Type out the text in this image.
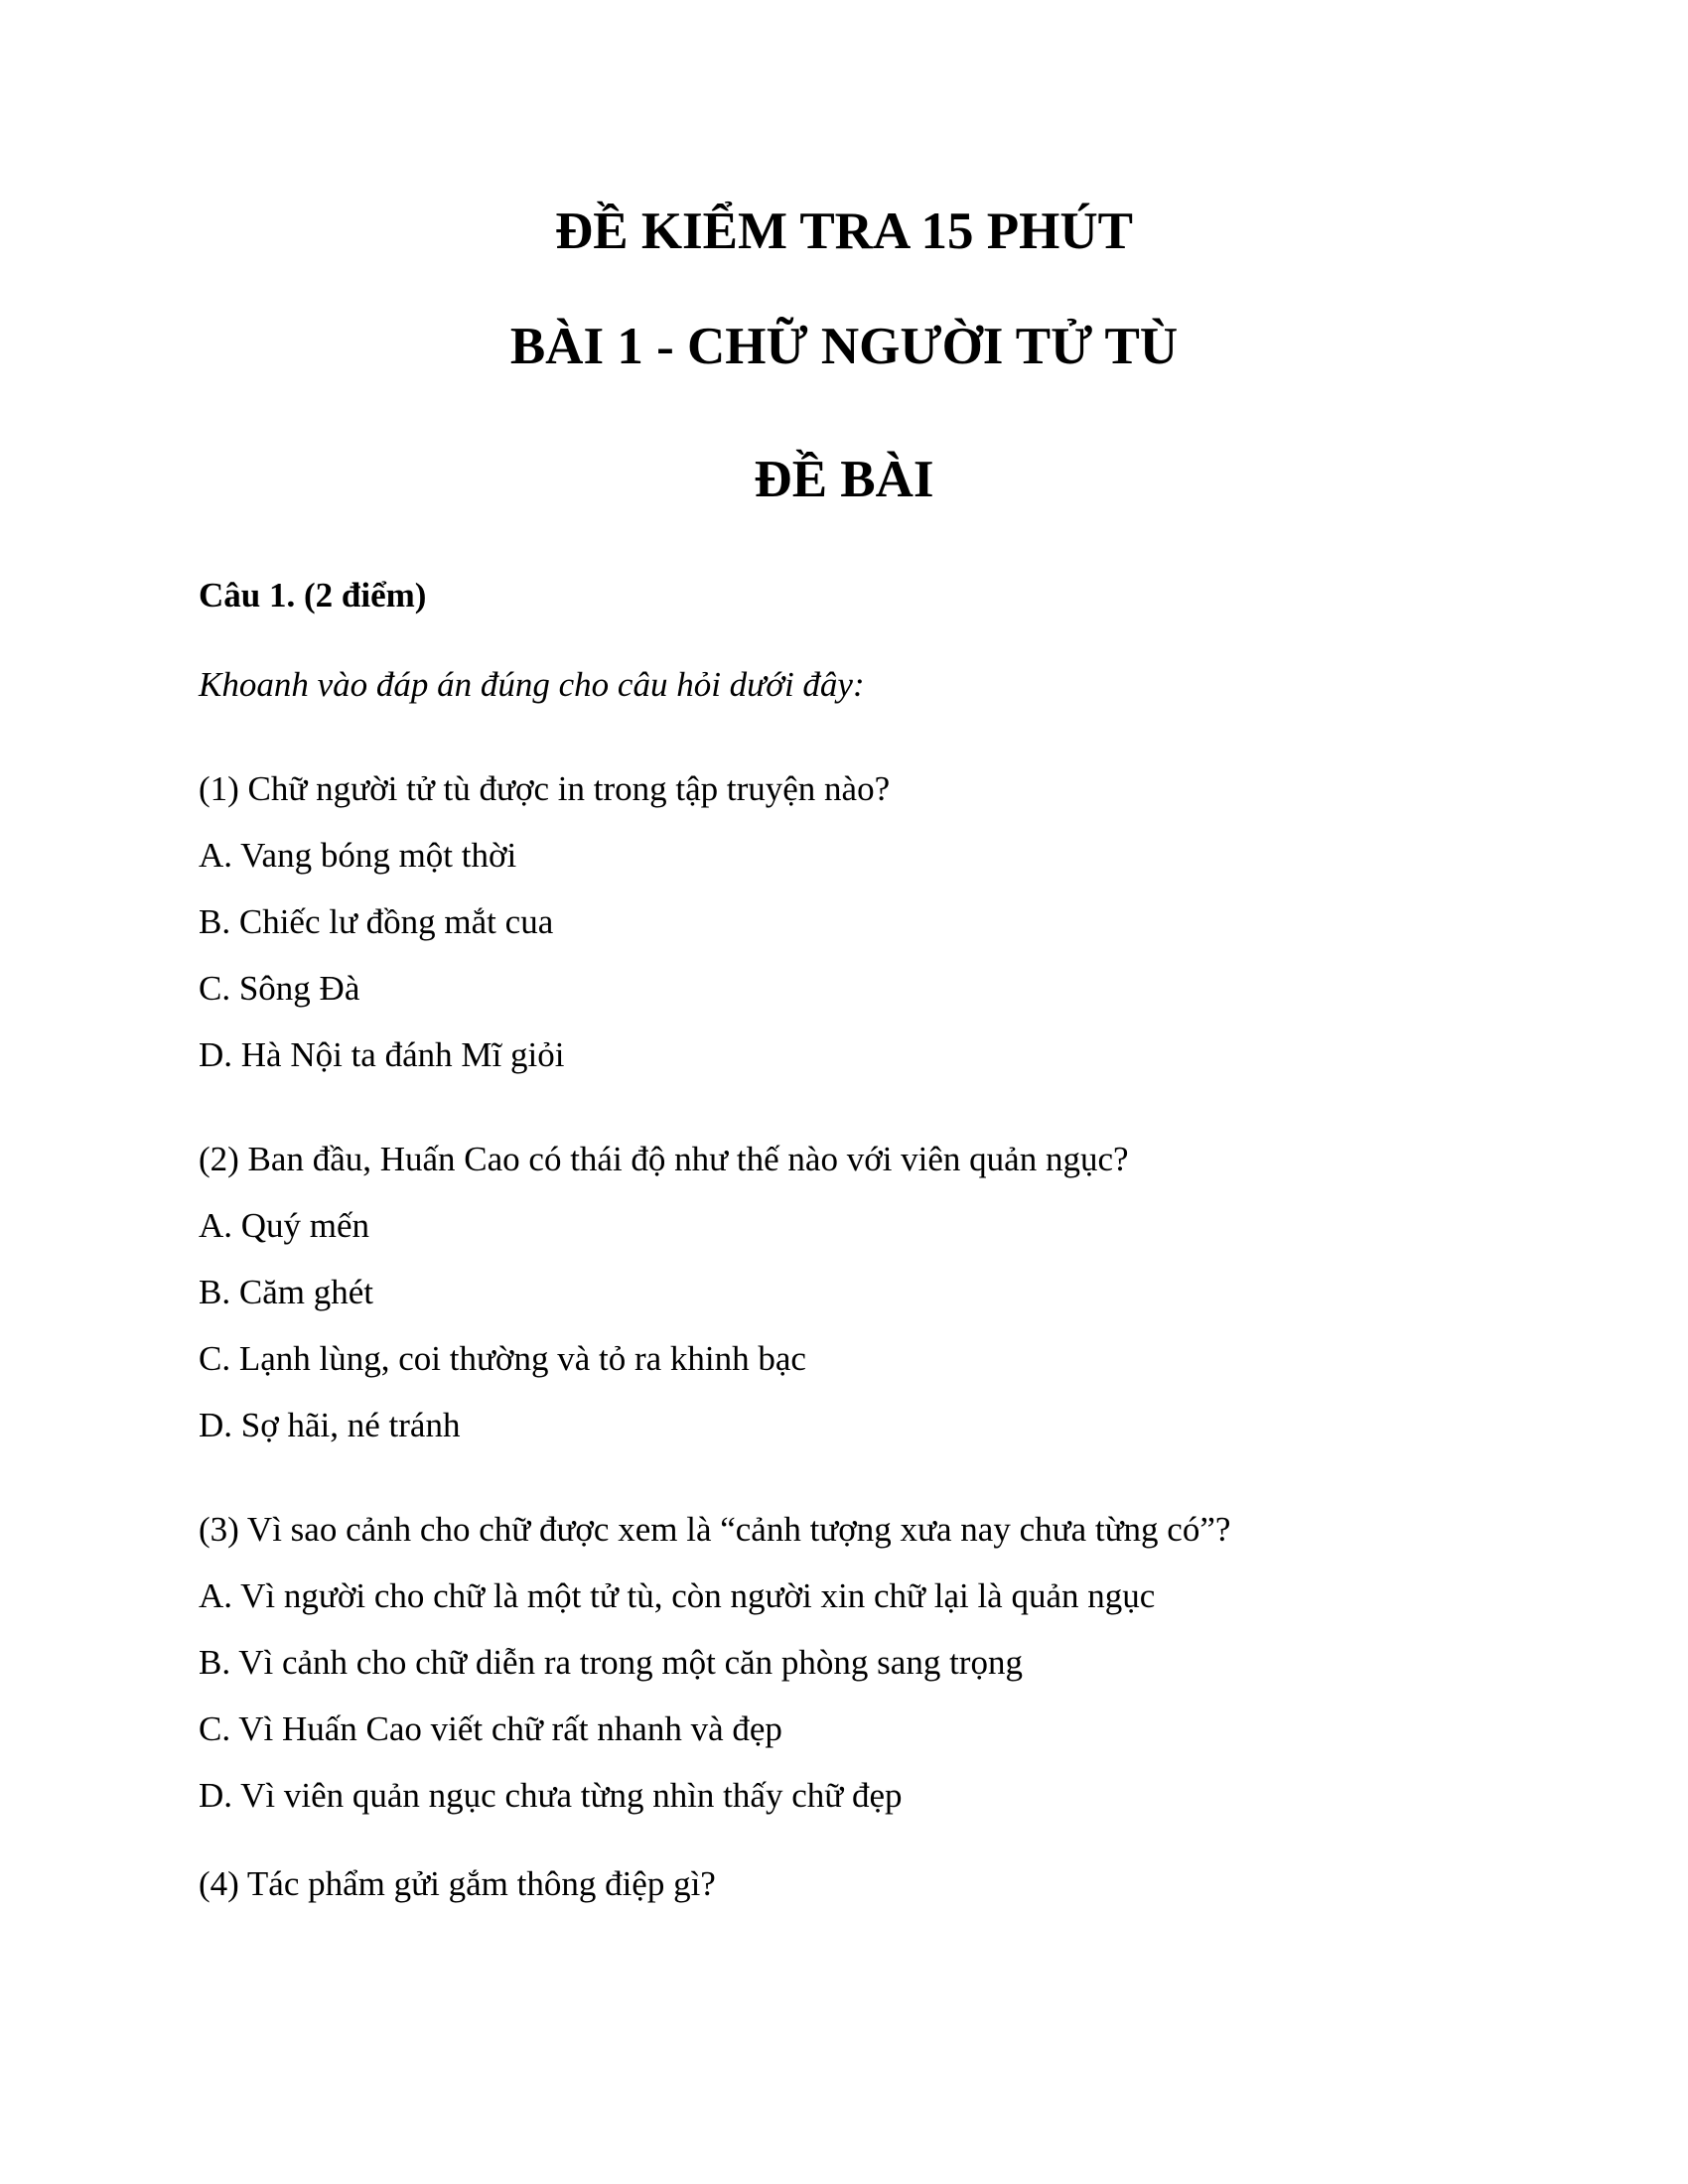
ĐỀ KIỂM TRA 15 PHÚT
BÀI 1 - CHỮ NGƯỜI TỬ TÙ
ĐỀ BÀI
Câu 1. (2 điểm)
Khoanh vào đáp án đúng cho câu hỏi dưới đây:
(1) Chữ người tử tù được in trong tập truyện nào?
A. Vang bóng một thời
B. Chiếc lư đồng mắt cua
C. Sông Đà
D. Hà Nội ta đánh Mĩ giỏi
(2) Ban đầu, Huấn Cao có thái độ như thế nào với viên quản ngục?
A. Quý mến
B. Căm ghét
C. Lạnh lùng, coi thường và tỏ ra khinh bạc
D. Sợ hãi, né tránh
(3) Vì sao cảnh cho chữ được xem là “cảnh tượng xưa nay chưa từng có”?
A. Vì người cho chữ là một tử tù, còn người xin chữ lại là quản ngục
B. Vì cảnh cho chữ diễn ra trong một căn phòng sang trọng
C. Vì Huấn Cao viết chữ rất nhanh và đẹp
D. Vì viên quản ngục chưa từng nhìn thấy chữ đẹp
(4) Tác phẩm gửi gắm thông điệp gì?
